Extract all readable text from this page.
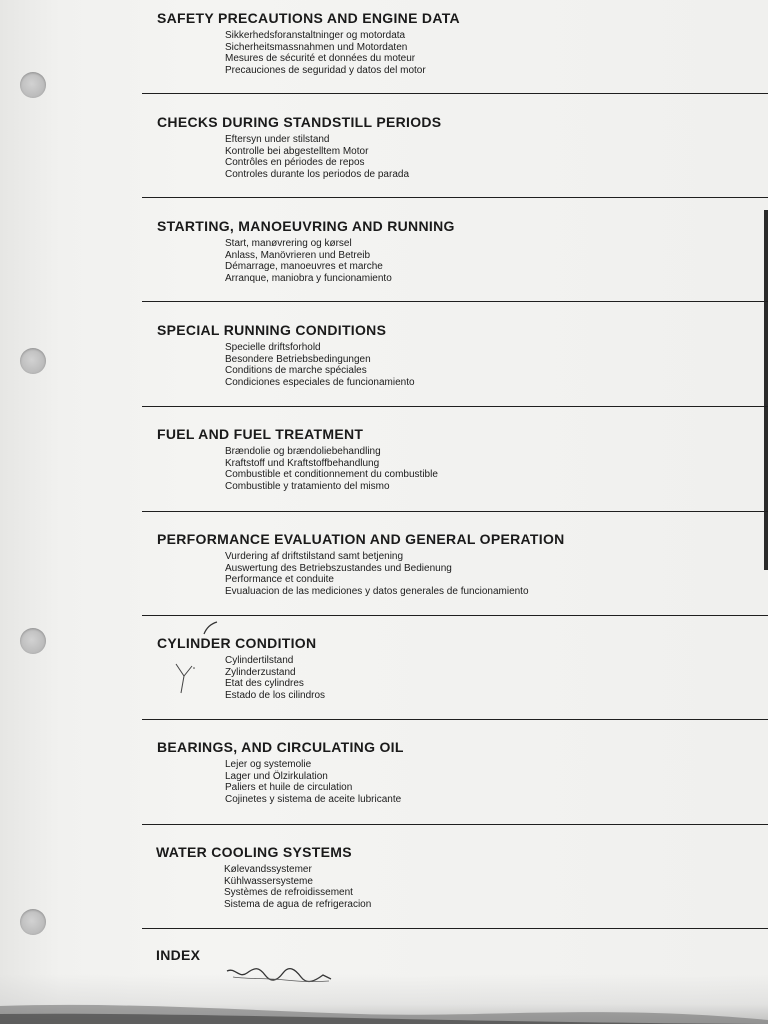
SAFETY PRECAUTIONS AND ENGINE DATA
Sikkerhedsforanstaltninger og motordata
Sicherheitsmassnahmen und Motordaten
Mesures de sécurité et données du moteur
Precauciones de seguridad y datos del motor
CHECKS DURING STANDSTILL PERIODS
Eftersyn under stilstand
Kontrolle bei abgestelltem Motor
Contrôles en périodes de repos
Controles durante los periodos de parada
STARTING, MANOEUVRING AND RUNNING
Start, manøvrering og kørsel
Anlass, Manövrieren und Betreib
Démarrage, manoeuvres et marche
Arranque, maniobra y funcionamiento
SPECIAL RUNNING CONDITIONS
Specielle driftsforhold
Besondere Betriebsbedingungen
Conditions de marche spéciales
Condiciones especiales de funcionamiento
FUEL AND FUEL TREATMENT
Brændolie og brændoliebehandling
Kraftstoff und Kraftstoffbehandlung
Combustible et conditionnement du combustible
Combustible y tratamiento del mismo
PERFORMANCE EVALUATION AND GENERAL OPERATION
Vurdering af driftstilstand samt betjening
Auswertung des Betriebszustandes und Bedienung
Performance et conduite
Evualuacion de las mediciones y datos generales de funcionamiento
CYLINDER CONDITION
Cylindertilstand
Zylinderzustand
Etat des cylindres
Estado de los cilindros
BEARINGS, AND CIRCULATING OIL
Lejer og systemolie
Lager und Ölzirkulation
Paliers et huile de circulation
Cojinetes y sistema de aceite lubricante
WATER COOLING SYSTEMS
Kølevandssystemer
Kühlwassersysteme
Systèmes de refroidissement
Sistema de agua de refrigeracion
INDEX
